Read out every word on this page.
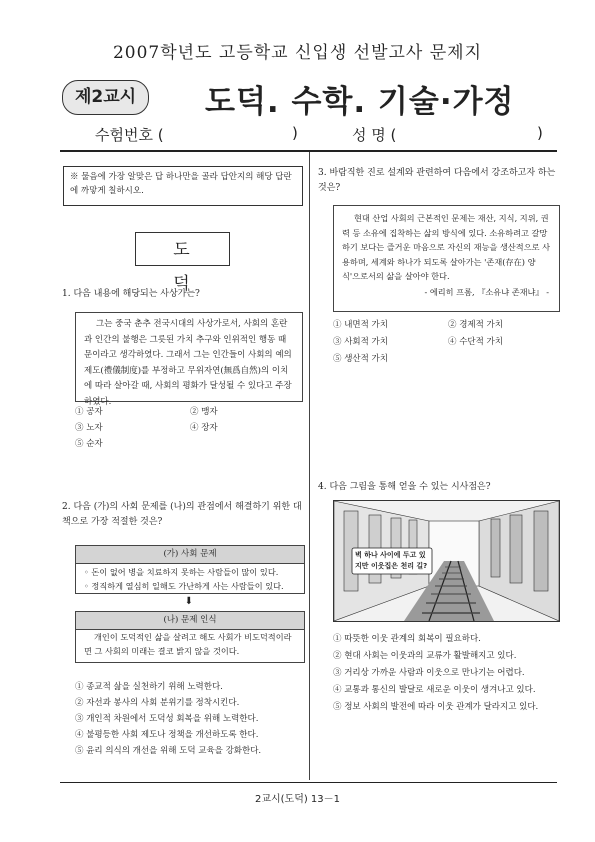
2007학년도 고등학교 신입생 선발고사 문제지
제2교시	도덕. 수학. 기술·가정
수험번호 (	)	성 명 (	)
※ 물음에 가장 알맞은 답 하나만을 골라 답안지의 해당 답란에 까맣게 칠하시오.
도 덕
1. 다음 내용에 해당되는 사상가는?
그는 중국 춘추 전국시대의 사상가로서, 사회의 혼란과 인간의 불행은 그릇된 가치 추구와 인위적인 행동 때문이라고 생각하였다. 그래서 그는 인간들이 사회의 예의 제도(禮儀制度)를 부정하고 무위자연(無爲自然)의 이치에 따라 살아갈 때, 사회의 평화가 달성될 수 있다고 주장하였다.
① 공자	② 맹자
③ 노자	④ 장자
⑤ 순자
2. 다음 (가)의 사회 문제를 (나)의 관점에서 해결하기 위한 대책으로 가장 적절한 것은?
(가) 사회 문제
◦ 돈이 없어 병을 치료하지 못하는 사람들이 많이 있다.
◦ 정직하게 열심히 일해도 가난하게 사는 사람들이 있다.
⬇
(나) 문제 인식
개인이 도덕적인 삶을 살려고 해도 사회가 비도덕적이라면 그 사회의 미래는 결코 밝지 않을 것이다.
① 종교적 삶을 실천하기 위해 노력한다.
② 자선과 봉사의 사회 분위기를 정착시킨다.
③ 개인적 차원에서 도덕성 회복을 위해 노력한다.
④ 불평등한 사회 제도나 정책을 개선하도록 한다.
⑤ 윤리 의식의 개선을 위해 도덕 교육을 강화한다.
3. 바람직한 진로 설계와 관련하여 다음에서 강조하고자 하는 것은?
현대 산업 사회의 근본적인 문제는 재산, 지식, 지위, 권력 등 소유에 집착하는 삶의 방식에 있다. 소유하려고 갈망하기 보다는 즐거운 마음으로 자신의 재능을 생산적으로 사용하며, 세계와 하나가 되도록 살아가는 '존재(存在) 양식'으로서의 삶을 살아야 한다.
- 에리히 프롬, 『소유냐 존재냐』 -
① 내면적 가치	② 경제적 가치
③ 사회적 가치	④ 수단적 가치
⑤ 생산적 가치
4. 다음 그림을 통해 얻을 수 있는 시사점은?
벽 하나 사이에 두고 있지만 이웃집은 천리 길?
① 따뜻한 이웃 관계의 회복이 필요하다.
② 현대 사회는 이웃과의 교류가 활발해지고 있다.
③ 거리상 가까운 사람과 이웃으로 만나기는 어렵다.
④ 교통과 통신의 발달로 새로운 이웃이 생겨나고 있다.
⑤ 정보 사회의 발전에 따라 이웃 관계가 달라지고 있다.
2교시(도덕) 13－1
